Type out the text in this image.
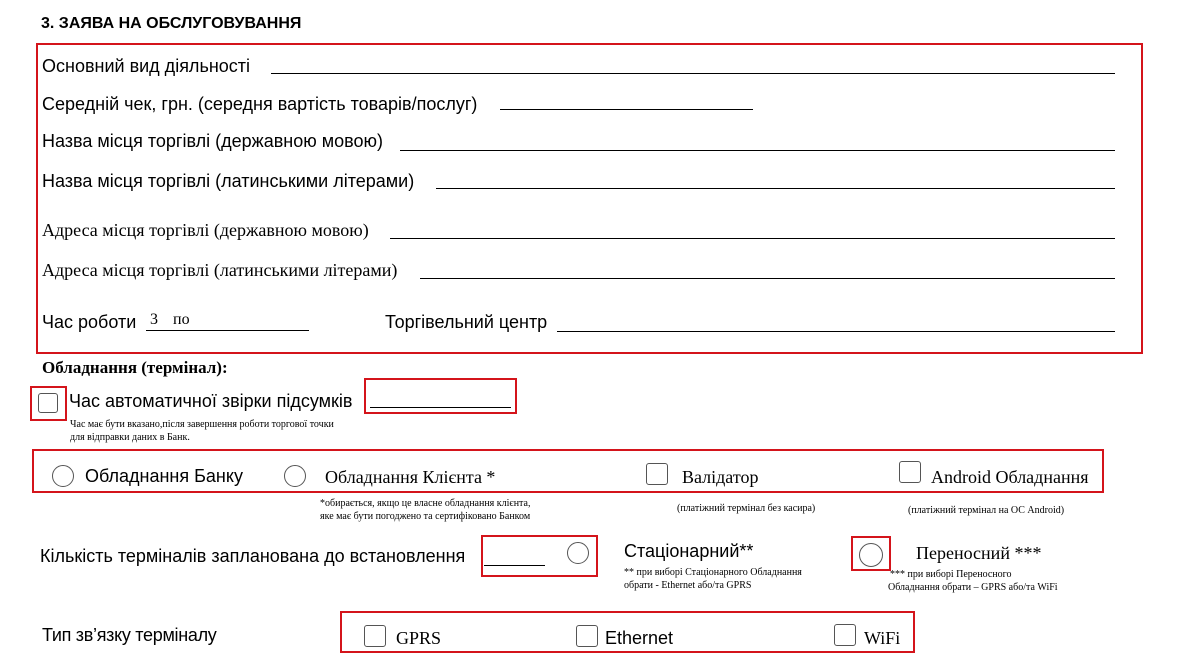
3. ЗАЯВА НА ОБСЛУГОВУВАННЯ
Основний вид діяльності
Середній чек, грн. (середня вартість товарів/послуг)
Назва місця торгівлі (державною мовою)
Назва місця торгівлі (латинськими літерами)
Адреса місця торгівлі (державною мовою)
Адреса місця торгівлі (латинськими літерами)
Час роботи 3 по	Торгівельний центр
Обладнання (термінал):
Час автоматичної звірки підсумків
Час має бути вказано,після завершення роботи торгової точки
для відправки даних в Банк.
Обладнання Банку	Обладнання Клієнта *	Валідатор	Android Обладнання
*обирається, якщо це власне обладнання клієнта,
яке має бути погоджено та сертифіковано Банком
(платіжний термінал без касира)	(платіжний термінал на ОС Android)
Кількість терміналів запланована до встановлення	Стаціонарний**
** при виборі Стаціонарного Обладнання
обрати - Ethernet або/та GPRS
Переносний ***
*** при виборі Переносного
Обладнання обрати – GPRS або/та WiFi
Тип зв’язку терміналу	GPRS	Ethernet	WiFi
